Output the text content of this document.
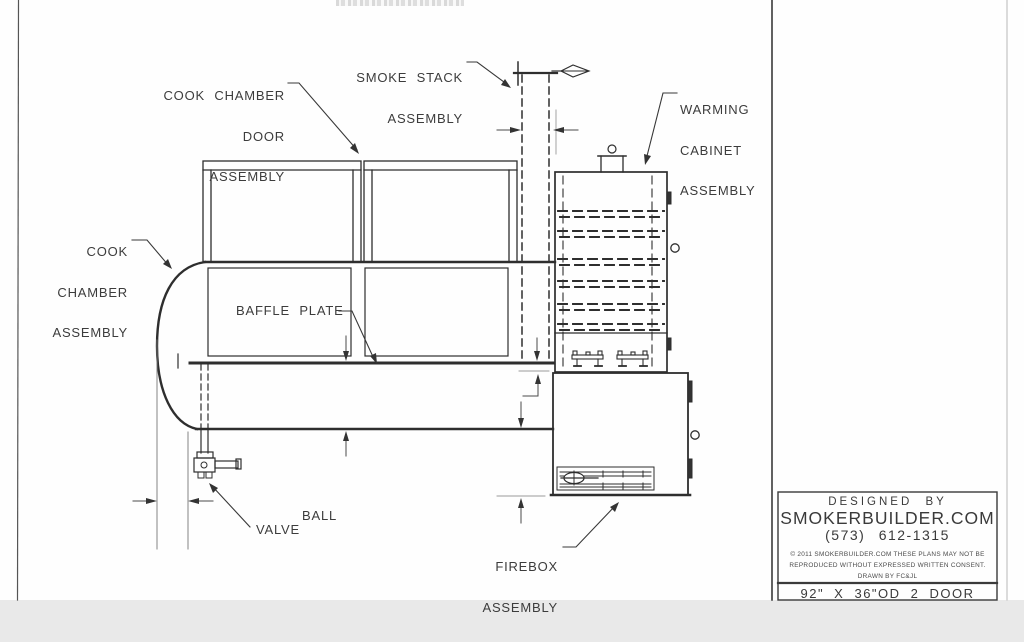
COOK CHAMBER

DOOR

ASSEMBLY

SMOKE STACK

ASSEMBLY

WARMING

CABINET

ASSEMBLY

COOK

CHAMBER

ASSEMBLY

BAFFLE PLATE
BALL
VALVE

FIREBOX

ASSEMBLY

DESIGNED BY
SMOKERBUILDER.COM
(573) 612-1315
© 2011 SMOKERBUILDER.COM THESE PLANS MAY NOT BE
REPRODUCED WITHOUT EXPRESSED WRITTEN CONSENT.
DRAWN BY FC&JL
92" X 36"OD 2 DOOR
